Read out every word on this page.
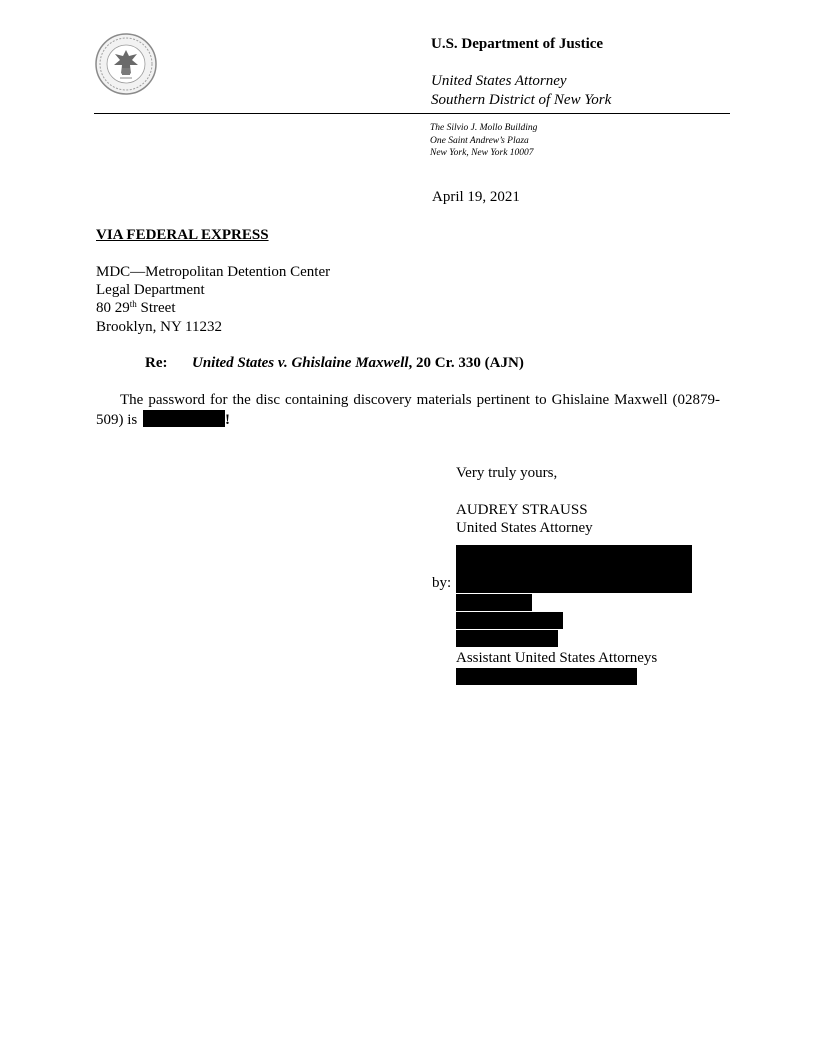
U.S. Department of Justice
United States Attorney
Southern District of New York
The Silvio J. Mollo Building
One Saint Andrew’s Plaza
New York, New York 10007
April 19, 2021
VIA FEDERAL EXPRESS
MDC—Metropolitan Detention Center
Legal Department
80 29th Street
Brooklyn, NY 11232
Re: United States v. Ghislaine Maxwell, 20 Cr. 330 (AJN)
The password for the disc containing discovery materials pertinent to Ghislaine Maxwell (02879-509) is	!
Very truly yours,
AUDREY STRAUSS
United States Attorney
by:
Assistant United States Attorneys
